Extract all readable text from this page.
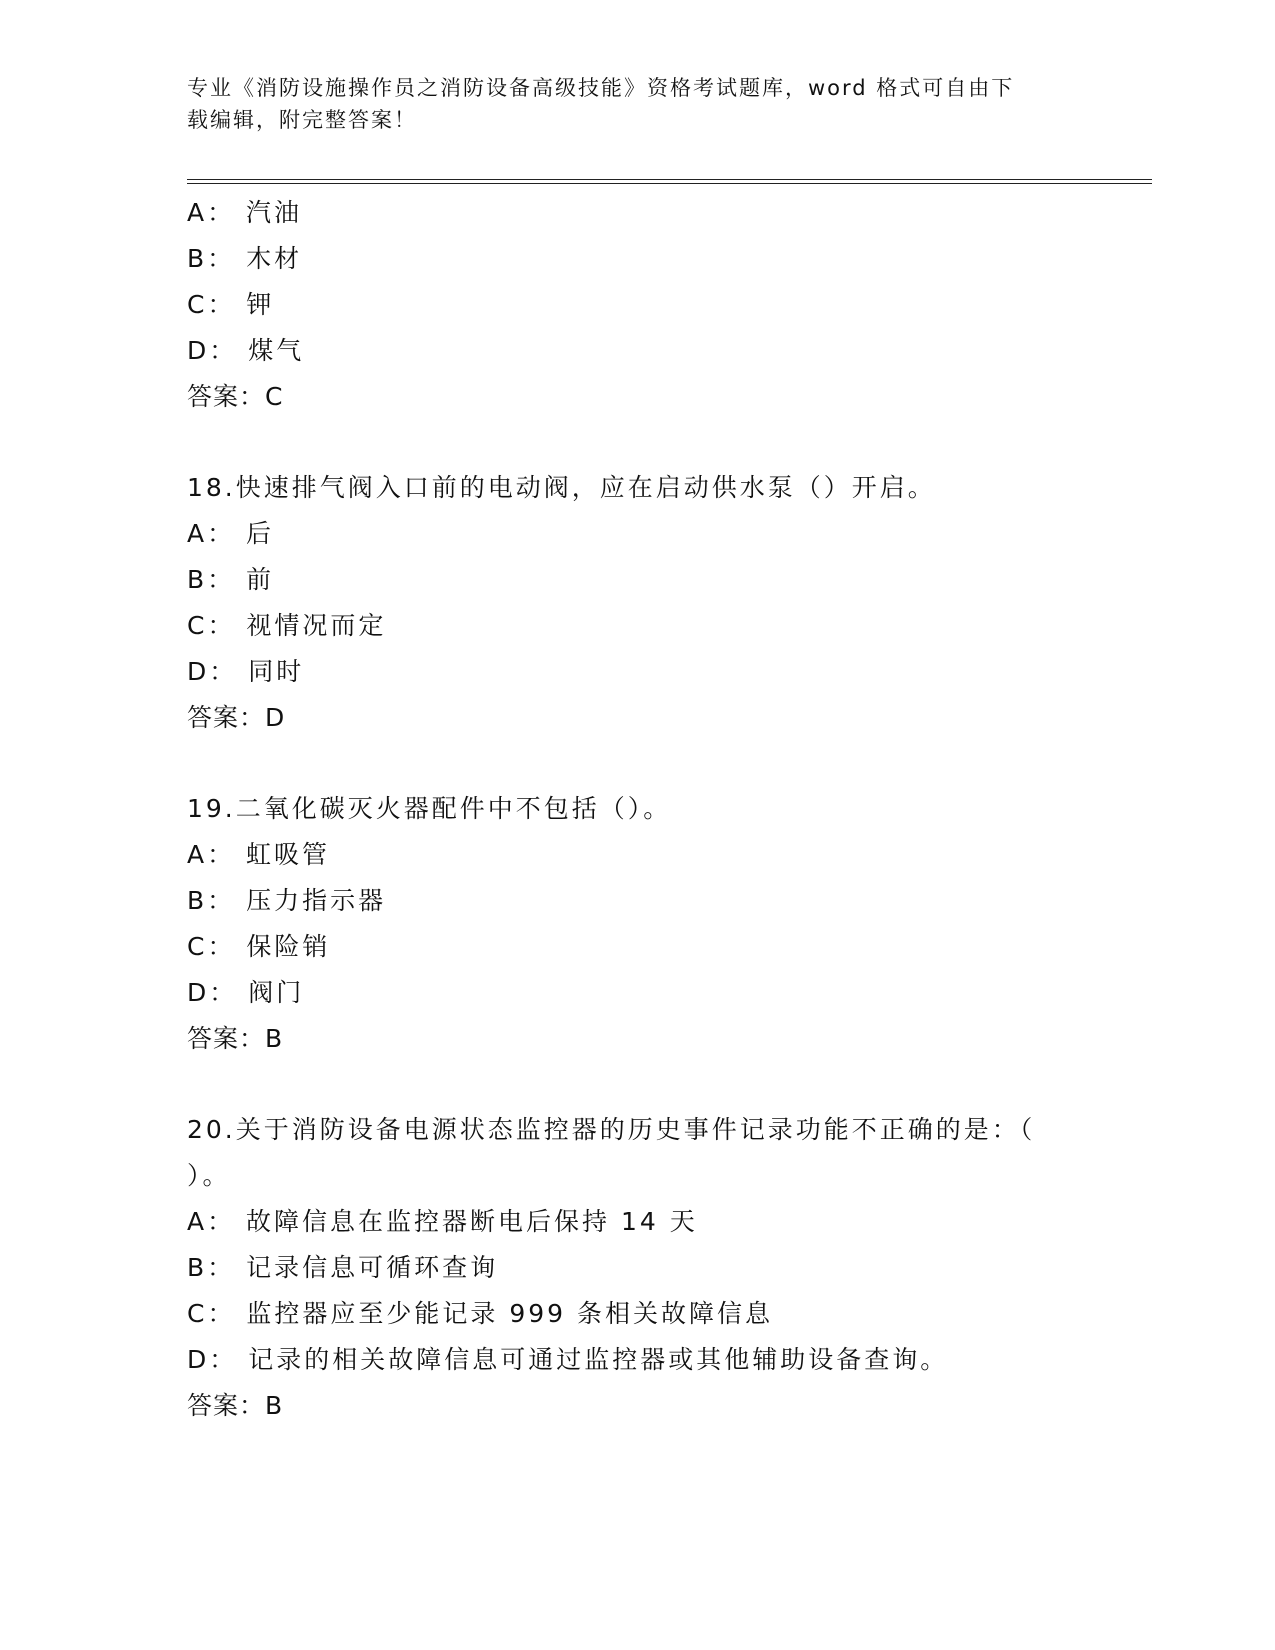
专业《消防设施操作员之消防设备高级技能》资格考试题库，word 格式可自由下
载编辑，附完整答案！
A： 汽油
B： 木材
C： 钾
D： 煤气
答案：C
18.快速排气阀入口前的电动阀，应在启动供水泵（）开启。
A： 后
B： 前
C： 视情况而定
D： 同时
答案：D
19.二氧化碳灭火器配件中不包括（）。
A： 虹吸管
B： 压力指示器
C： 保险销
D： 阀门
答案：B
20.关于消防设备电源状态监控器的历史事件记录功能不正确的是：（
）。
A： 故障信息在监控器断电后保持 14 天
B： 记录信息可循环查询
C： 监控器应至少能记录 999 条相关故障信息
D： 记录的相关故障信息可通过监控器或其他辅助设备查询。
答案：B
